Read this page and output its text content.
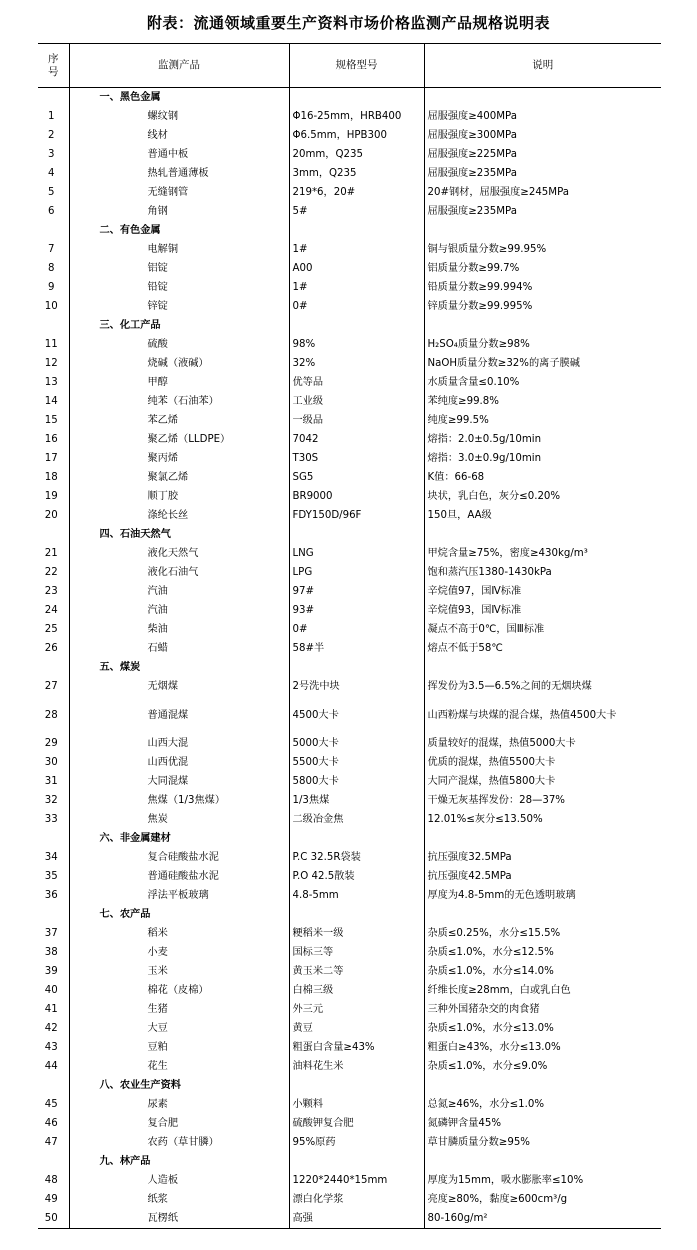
附表：流通领域重要生产资料市场价格监测产品规格说明表
序号	监测产品	规格型号	说明
	一、黑色金属		
1	螺纹钢	Φ16-25mm，HRB400	屈服强度≥400MPa
2	线材	Φ6.5mm，HPB300	屈服强度≥300MPa
3	普通中板	20mm，Q235	屈服强度≥225MPa
4	热轧普通薄板	3mm，Q235	屈服强度≥235MPa
5	无缝钢管	219*6，20#	20#钢材，屈服强度≥245MPa
6	角钢	5#	屈服强度≥235MPa
	二、有色金属		
7	电解铜	1#	铜与银质量分数≥99.95%
8	铝锭	A00	铝质量分数≥99.7%
9	铅锭	1#	铅质量分数≥99.994%
10	锌锭	0#	锌质量分数≥99.995%
	三、化工产品		
11	硫酸	98%	H₂SO₄质量分数≥98%
12	烧碱（液碱）	32%	NaOH质量分数≥32%的离子膜碱
13	甲醇	优等品	水质量含量≤0.10%
14	纯苯（石油苯）	工业级	苯纯度≥99.8%
15	苯乙烯	一级品	纯度≥99.5%
16	聚乙烯（LLDPE）	7042	熔指：2.0±0.5g/10min
17	聚丙烯	T30S	熔指：3.0±0.9g/10min
18	聚氯乙烯	SG5	K值：66-68
19	顺丁胶	BR9000	块状，乳白色，灰分≤0.20%
20	涤纶长丝	FDY150D/96F	150旦，AA级
	四、石油天然气		
21	液化天然气	LNG	甲烷含量≥75%，密度≥430kg/m³
22	液化石油气	LPG	饱和蒸汽压1380-1430kPa
23	汽油	97#	辛烷值97，国Ⅳ标准
24	汽油	93#	辛烷值93，国Ⅳ标准
25	柴油	0#	凝点不高于0℃，国Ⅲ标准
26	石蜡	58#半	熔点不低于58℃
	五、煤炭		
27	无烟煤	2号洗中块	挥发份为3.5—6.5%之间的无烟块煤
28	普通混煤	4500大卡	山西粉煤与块煤的混合煤，热值4500大卡
29	山西大混	5000大卡	质量较好的混煤，热值5000大卡
30	山西优混	5500大卡	优质的混煤，热值5500大卡
31	大同混煤	5800大卡	大同产混煤，热值5800大卡
32	焦煤（1/3焦煤）	1/3焦煤	干燥无灰基挥发份：28—37%
33	焦炭	二级冶金焦	12.01%≤灰分≤13.50%
	六、非金属建材		
34	复合硅酸盐水泥	P.C 32.5R袋装	抗压强度32.5MPa
35	普通硅酸盐水泥	P.O 42.5散装	抗压强度42.5MPa
36	浮法平板玻璃	4.8-5mm	厚度为4.8-5mm的无色透明玻璃
	七、农产品		
37	稻米	粳稻米一级	杂质≤0.25%，水分≤15.5%
38	小麦	国标三等	杂质≤1.0%，水分≤12.5%
39	玉米	黄玉米二等	杂质≤1.0%，水分≤14.0%
40	棉花（皮棉）	白棉三级	纤维长度≥28mm，白或乳白色
41	生猪	外三元	三种外国猪杂交的肉食猪
42	大豆	黄豆	杂质≤1.0%，水分≤13.0%
43	豆粕	粗蛋白含量≥43%	粗蛋白≥43%，水分≤13.0%
44	花生	油料花生米	杂质≤1.0%，水分≤9.0%
	八、农业生产资料		
45	尿素	小颗料	总氮≥46%，水分≤1.0%
46	复合肥	硫酸钾复合肥	氮磷钾含量45%
47	农药（草甘膦）	95%原药	草甘膦质量分数≥95%
	九、林产品		
48	人造板	1220*2440*15mm	厚度为15mm，吸水膨胀率≤10%
49	纸浆	漂白化学浆	亮度≥80%，黏度≥600cm³/g
50	瓦楞纸	高强	80-160g/m²
